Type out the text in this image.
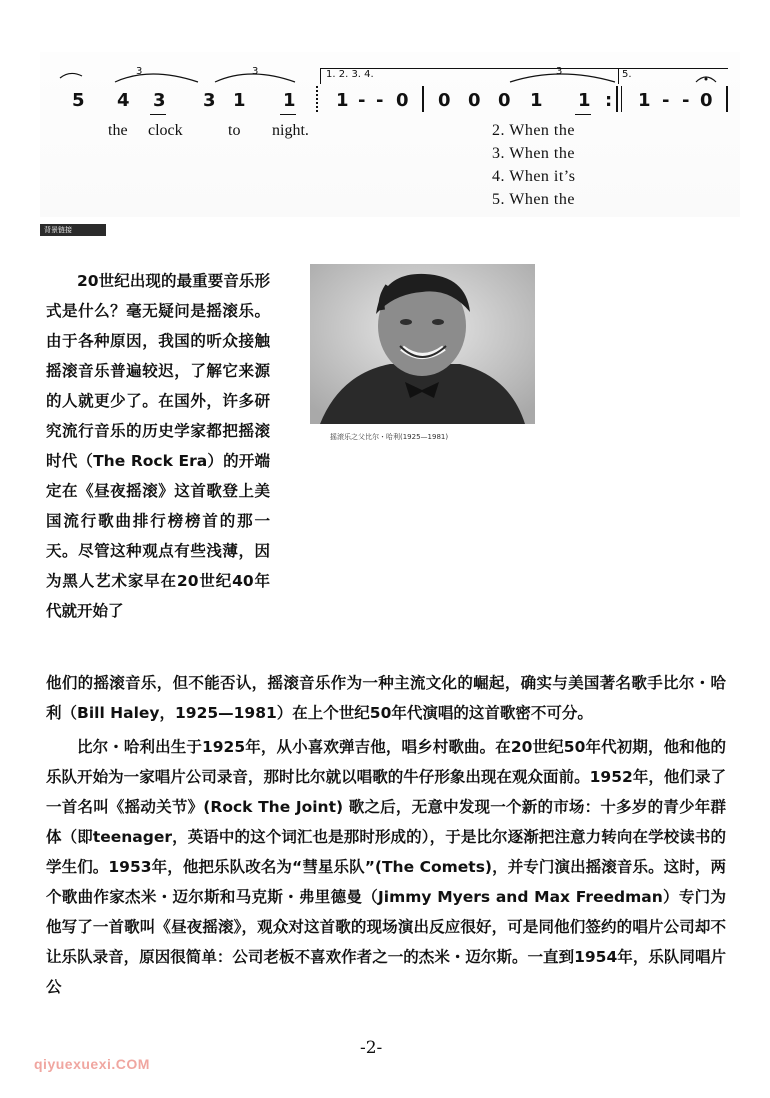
1. 2. 3. 4.	5.
3	3	3
5 4 3 3 1 1 1 - - 0 0 0 0 1 1 : 1 - - 0
the clock	to night.	2. When the
3. When the
4. When it’s
5. When the
背景链接

20世纪出现的最重要音乐形式是什么？毫无疑问是摇滚乐。由于各种原因，我国的听众接触摇滚音乐普遍较迟，了解它来源的人就更少了。在国外，许多研究流行音乐的历史学家都把摇滚时代（The Rock Era）的开端定在《昼夜摇滚》这首歌登上美国流行歌曲排行榜榜首的那一天。尽管这种观点有些浅薄，因为黑人艺术家早在20世纪40年代就开始了

摇滚乐之父比尔・哈利(1925—1981)

他们的摇滚音乐，但不能否认，摇滚音乐作为一种主流文化的崛起，确实与美国著名歌手比尔・哈利（Bill Haley，1925—1981）在上个世纪50年代演唱的这首歌密不可分。

比尔・哈利出生于1925年，从小喜欢弹吉他，唱乡村歌曲。在20世纪50年代初期，他和他的乐队开始为一家唱片公司录音，那时比尔就以唱歌的牛仔形象出现在观众面前。1952年，他们录了一首名叫《摇动关节》(Rock The Joint) 歌之后，无意中发现一个新的市场：十多岁的青少年群体（即teenager，英语中的这个词汇也是那时形成的），于是比尔逐渐把注意力转向在学校读书的学生们。1953年，他把乐队改名为“彗星乐队”(The Comets)，并专门演出摇滚音乐。这时，两个歌曲作家杰米・迈尔斯和马克斯・弗里德曼（Jimmy Myers and Max Freedman）专门为他写了一首歌叫《昼夜摇滚》，观众对这首歌的现场演出反应很好，可是同他们签约的唱片公司却不让乐队录音，原因很简单：公司老板不喜欢作者之一的杰米・迈尔斯。一直到1954年，乐队同唱片公

-2-
qiyuexuexi.COM
